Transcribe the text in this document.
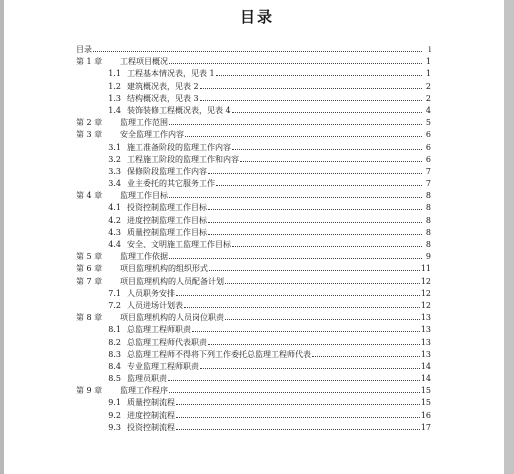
目录
目录	i
第 1 章	工程项目概况	1
1.1 工程基本情况表，见表 1	1
1.2 建筑概况表，见表 2	2
1.3 结构概况表，见表 3	2
1.4 装饰装修工程概况表，见表 4	4
第 2 章	监理工作范围	5
第 3 章	安全监理工作内容	6
3.1 施工准备阶段的监理工作内容	6
3.2 工程施工阶段的监理工作和内容	6
3.3 保修阶段监理工作内容	7
3.4 业主委托的其它服务工作	7
第 4 章	监理工作目标	8
4.1 投资控制监理工作目标	8
4.2 进度控制监理工作目标	8
4.3 质量控制监理工作目标	8
4.4 安全、文明施工监理工作目标	8
第 5 章	监理工作依据	9
第 6 章	项目监理机构的组织形式	11
第 7 章	项目监理机构的人员配备计划	12
7.1 人员职务安排	12
7.2 人员进场计划表	12
第 8 章	项目监理机构的人员岗位职责	13
8.1 总监理工程师职责	13
8.2 总监理工程师代表职责	13
8.3 总监理工程师不得将下列工作委托总监理工程师代表	13
8.4 专业监理工程师职责	14
8.5 监理员职责	14
第 9 章	监理工作程序	15
9.1 质量控制流程	15
9.2 进度控制流程	16
9.3 投资控制流程	17
